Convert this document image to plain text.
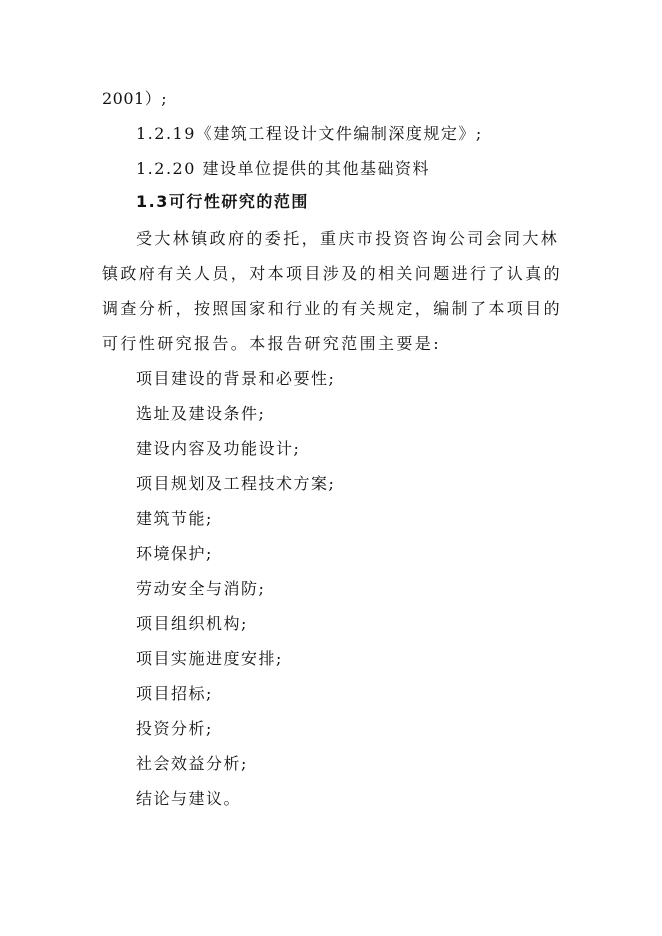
2001）;
1.2.19《建筑工程设计文件编制深度规定》;
1.2.20 建设单位提供的其他基础资料
1.3可行性研究的范围
受大林镇政府的委托，重庆市投资咨询公司会同大林
镇政府有关人员，对本项目涉及的相关问题进行了认真的
调查分析，按照国家和行业的有关规定，编制了本项目的
可行性研究报告。本报告研究范围主要是:
项目建设的背景和必要性;
选址及建设条件;
建设内容及功能设计;
项目规划及工程技术方案;
建筑节能;
环境保护;
劳动安全与消防;
项目组织机构;
项目实施进度安排;
项目招标;
投资分析;
社会效益分析;
结论与建议。
